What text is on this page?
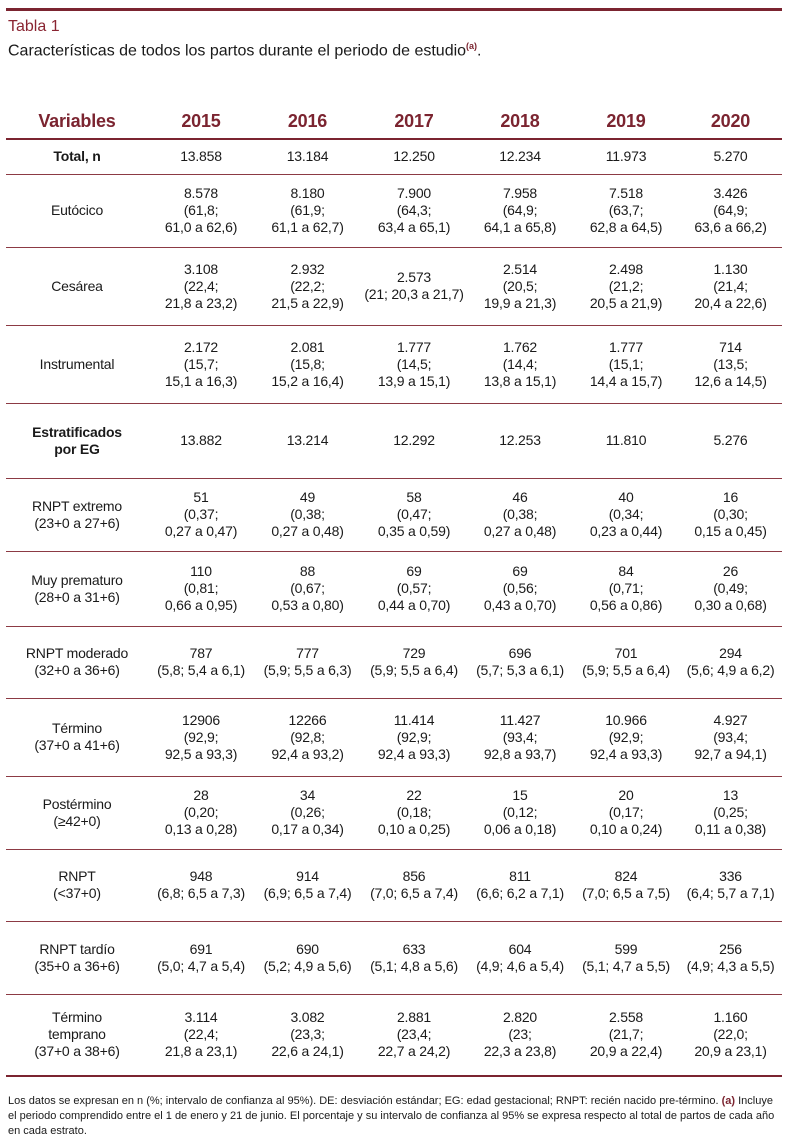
Tabla 1
Características de todos los partos durante el periodo de estudio$^{(a)}$.
Variables	2015	2016	2017	2018	2019	2020

Total, n	13.858	13.184	12.250	12.234	11.973	5.270

Eutócico	8.578
(61,8;
61,0 a 62,6)	8.180
(61,9;
61,1 a 62,7)	7.900
(64,3;
63,4 a 65,1)	7.958
(64,9;
64,1 a 65,8)	7.518
(63,7;
62,8 a 64,5)	3.426
(64,9;
63,6 a 66,2)

Cesárea	3.108
(22,4;
21,8 a 23,2)	2.932
(22,2;
21,5 a 22,9)	2.573
(21; 20,3 a 21,7)	2.514
(20,5;
19,9 a 21,3)	2.498
(21,2;
20,5 a 21,9)	1.130
(21,4;
20,4 a 22,6)

Instrumental	2.172
(15,7;
15,1 a 16,3)	2.081
(15,8;
15,2 a 16,4)	1.777
(14,5;
13,9 a 15,1)	1.762
(14,4;
13,8 a 15,1)	1.777
(15,1;
14,4 a 15,7)	714
(13,5;
12,6 a 14,5)

Estratificados
por EG	13.882	13.214	12.292	12.253	11.810	5.276

RNPT extremo
(23+0 a 27+6)	51
(0,37;
0,27 a 0,47)	49
(0,38;
0,27 a 0,48)	58
(0,47;
0,35 a 0,59)	46
(0,38;
0,27 a 0,48)	40
(0,34;
0,23 a 0,44)	16
(0,30;
0,15 a 0,45)

Muy prematuro
(28+0 a 31+6)	110
(0,81;
0,66 a 0,95)	88
(0,67;
0,53 a 0,80)	69
(0,57;
0,44 a 0,70)	69
(0,56;
0,43 a 0,70)	84
(0,71;
0,56 a 0,86)	26
(0,49;
0,30 a 0,68)

RNPT moderado
(32+0 a 36+6)	787
(5,8; 5,4 a 6,1)	777
(5,9; 5,5 a 6,3)	729
(5,9; 5,5 a 6,4)	696
(5,7; 5,3 a 6,1)	701
(5,9; 5,5 a 6,4)	294
(5,6; 4,9 a 6,2)

Término
(37+0 a 41+6)	12906
(92,9;
92,5 a 93,3)	12266
(92,8;
92,4 a 93,2)	11.414
(92,9;
92,4 a 93,3)	11.427
(93,4;
92,8 a 93,7)	10.966
(92,9;
92,4 a 93,3)	4.927
(93,4;
92,7 a 94,1)

Postérmino
(≥42+0)	28
(0,20;
0,13 a 0,28)	34
(0,26;
0,17 a 0,34)	22
(0,18;
0,10 a 0,25)	15
(0,12;
0,06 a 0,18)	20
(0,17;
0,10 a 0,24)	13
(0,25;
0,11 a 0,38)

RNPT
(<37+0)	948
(6,8; 6,5 a 7,3)	914
(6,9; 6,5 a 7,4)	856
(7,0; 6,5 a 7,4)	811
(6,6; 6,2 a 7,1)	824
(7,0; 6,5 a 7,5)	336
(6,4; 5,7 a 7,1)

RNPT tardío
(35+0 a 36+6)	691
(5,0; 4,7 a 5,4)	690
(5,2; 4,9 a 5,6)	633
(5,1; 4,8 a 5,6)	604
(4,9; 4,6 a 5,4)	599
(5,1; 4,7 a 5,5)	256
(4,9; 4,3 a 5,5)

Término
temprano
(37+0 a 38+6)	3.114
(22,4;
21,8 a 23,1)	3.082
(23,3;
22,6 a 24,1)	2.881
(23,4;
22,7 a 24,2)	2.820
(23;
22,3 a 23,8)	2.558
(21,7;
20,9 a 22,4)	1.160
(22,0;
20,9 a 23,1)
Los datos se expresan en n (%; intervalo de confianza al 95%). DE: desviación estándar; EG: edad gestacional; RNPT: recién nacido pre-término. (a) Incluye el periodo comprendido entre el 1 de enero y 21 de junio. El porcentaje y su intervalo de confianza al 95% se expresa respecto al total de partos de cada año en cada estrato.
